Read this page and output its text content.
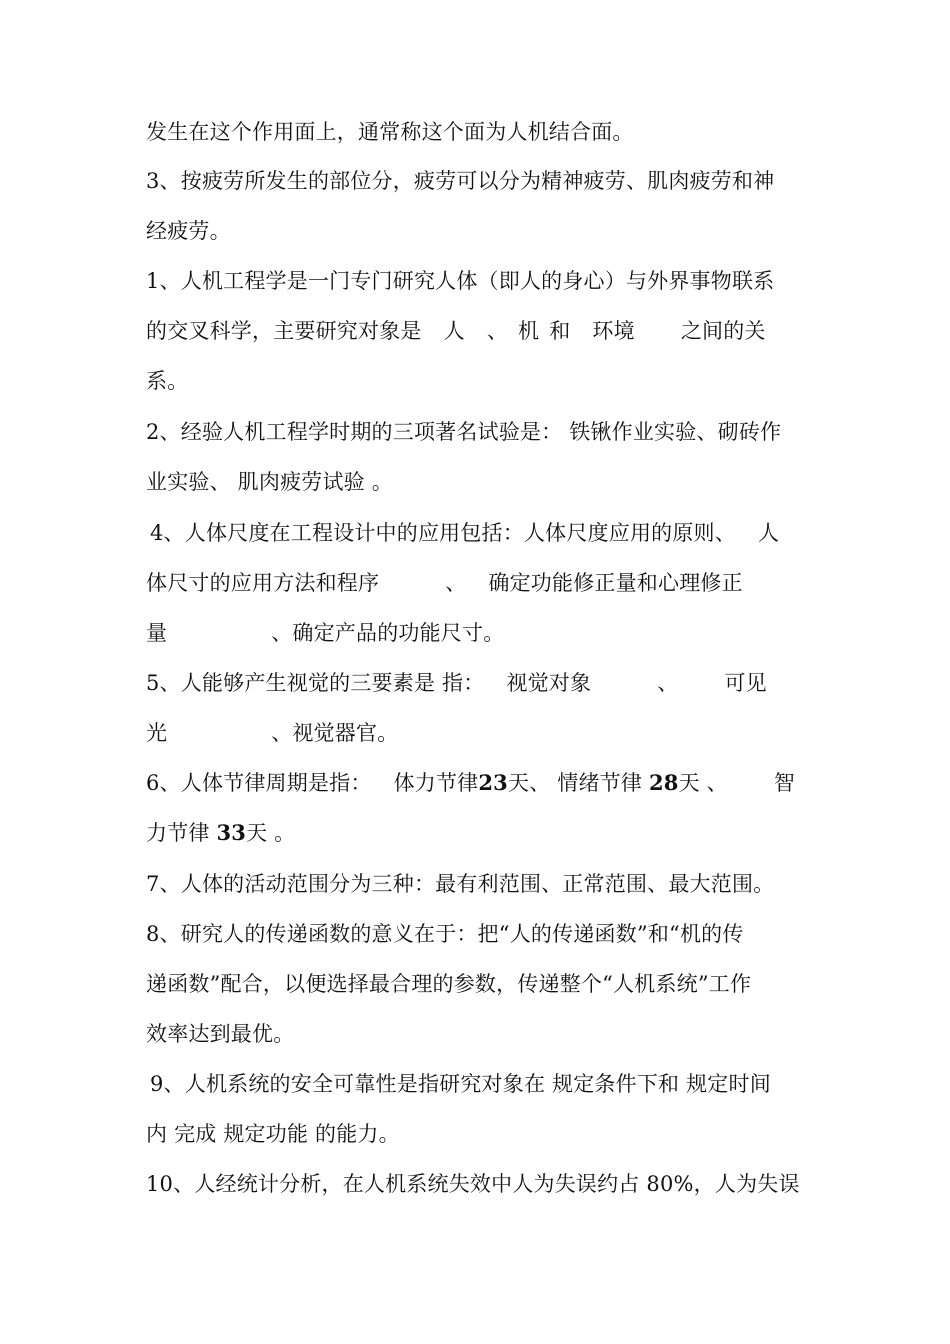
发生在这个作用面上，通常称这个面为人机结合面。
3、按疲劳所发生的部位分，疲劳可以分为精神疲劳、肌肉疲劳和神
经疲劳。
1、人机工程学是一门专门研究人体（即人的身心）与外界事物联系
的交叉科学，主要研究对象是 人 、 机 和 环境 之间的关
系。
2、经验人机工程学时期的三项著名试验是： 铁锹作业实验、砌砖作
业实验、 肌肉疲劳试验 。
4、人体尺度在工程设计中的应用包括：人体尺度应用的原则、 人
体尺寸的应用方法和程序	、 确定功能修正量和心理修正
量	、确定产品的功能尺寸。
5、人能够产生视觉的三要素是 指： 视觉对象	、 可见
光	、视觉器官。
6、人体节律周期是指： 体力节律23天、 情绪节律 28天 、 智
力节律 33天 。
7、人体的活动范围分为三种：最有利范围、正常范围、最大范围。
8、研究人的传递函数的意义在于：把“人的传递函数”和“机的传
递函数”配合，以便选择最合理的参数，传递整个“人机系统”工作
效率达到最优。
9、人机系统的安全可靠性是指研究对象在 规定条件下和 规定时间
内 完成 规定功能 的能力。
10、人经统计分析，在人机系统失效中人为失误约占 80%，人为失误
